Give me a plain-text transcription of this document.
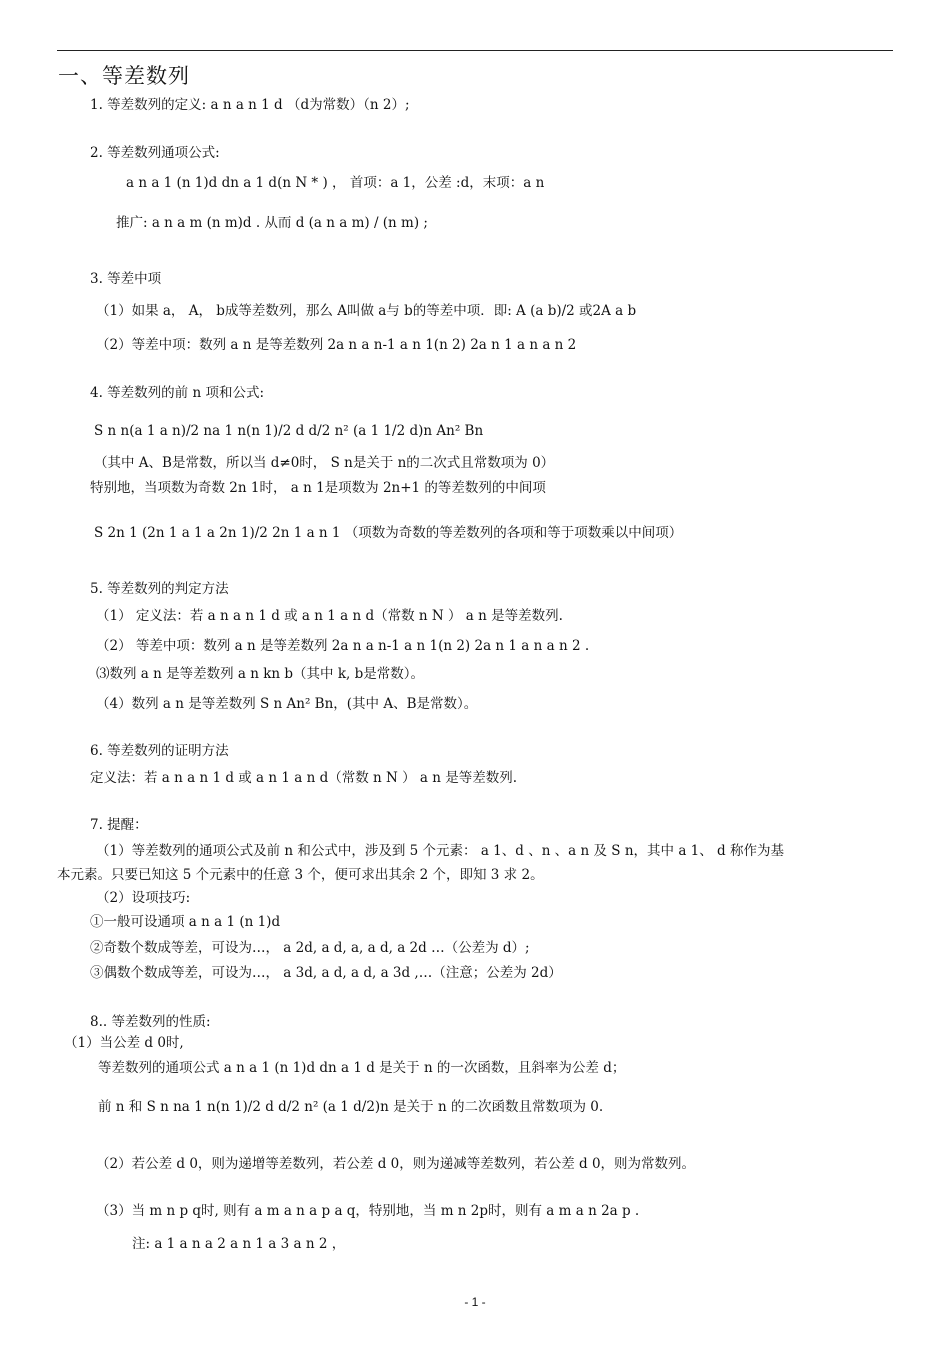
一、等差数列
1. 等差数列的定义: a n a n 1 d （d为常数）（n 2）;
2. 等差数列通项公式:
a n a 1 (n 1)d dn a 1 d(n N * ) ， 首项：a 1，公差 :d，末项：a n
推广: a n a m (n m)d . 从而 d (a n a m) / (n m) ;
3. 等差中项
（1）如果 a， A， b成等差数列，那么 A叫做 a与 b的等差中项．即: A (a b)/2 或2A a b
（2）等差中项：数列 a n 是等差数列 2a n a n-1 a n 1(n 2) 2a n 1 a n a n 2
4. 等差数列的前 n 项和公式:
S n n(a 1 a n)/2 na 1 n(n 1)/2 d d/2 n² (a 1 1/2 d)n An² Bn
（其中 A、B是常数，所以当 d≠0时， S n是关于 n的二次式且常数项为 0）
特别地，当项数为奇数 2n 1时， a n 1是项数为 2n+1 的等差数列的中间项
S 2n 1 (2n 1 a 1 a 2n 1)/2 2n 1 a n 1 （项数为奇数的等差数列的各项和等于项数乘以中间项）
5. 等差数列的判定方法
（1） 定义法：若 a n a n 1 d 或 a n 1 a n d（常数 n N ） a n 是等差数列.
（2） 等差中项：数列 a n 是等差数列 2a n a n-1 a n 1(n 2) 2a n 1 a n a n 2 .
⑶数列 a n 是等差数列 a n kn b（其中 k, b是常数）。
（4）数列 a n 是等差数列 S n An² Bn，(其中 A、B是常数）。
6. 等差数列的证明方法
定义法：若 a n a n 1 d 或 a n 1 a n d（常数 n N ） a n 是等差数列.
7. 提醒：
（1）等差数列的通项公式及前 n 和公式中，涉及到 5 个元素： a 1、d 、n 、a n 及 S n，其中 a 1、 d 称作为基
本元素。只要已知这 5 个元素中的任意 3 个，便可求出其余 2 个，即知 3 求 2。
（2）设项技巧:
①一般可设通项 a n a 1 (n 1)d
②奇数个数成等差，可设为…， a 2d, a d, a, a d, a 2d …（公差为 d）;
③偶数个数成等差，可设为…， a 3d, a d, a d, a 3d ,…（注意；公差为 2d）
8.. 等差数列的性质:
（1）当公差 d 0时,
等差数列的通项公式 a n a 1 (n 1)d dn a 1 d 是关于 n 的一次函数，且斜率为公差 d；
前 n 和 S n na 1 n(n 1)/2 d d/2 n² (a 1 d/2)n 是关于 n 的二次函数且常数项为 0.
（2）若公差 d 0，则为递增等差数列，若公差 d 0，则为递减等差数列，若公差 d 0，则为常数列。
（3）当 m n p q时, 则有 a m a n a p a q，特别地，当 m n 2p时，则有 a m a n 2a p .
注: a 1 a n a 2 a n 1 a 3 a n 2 ，
- 1 -
